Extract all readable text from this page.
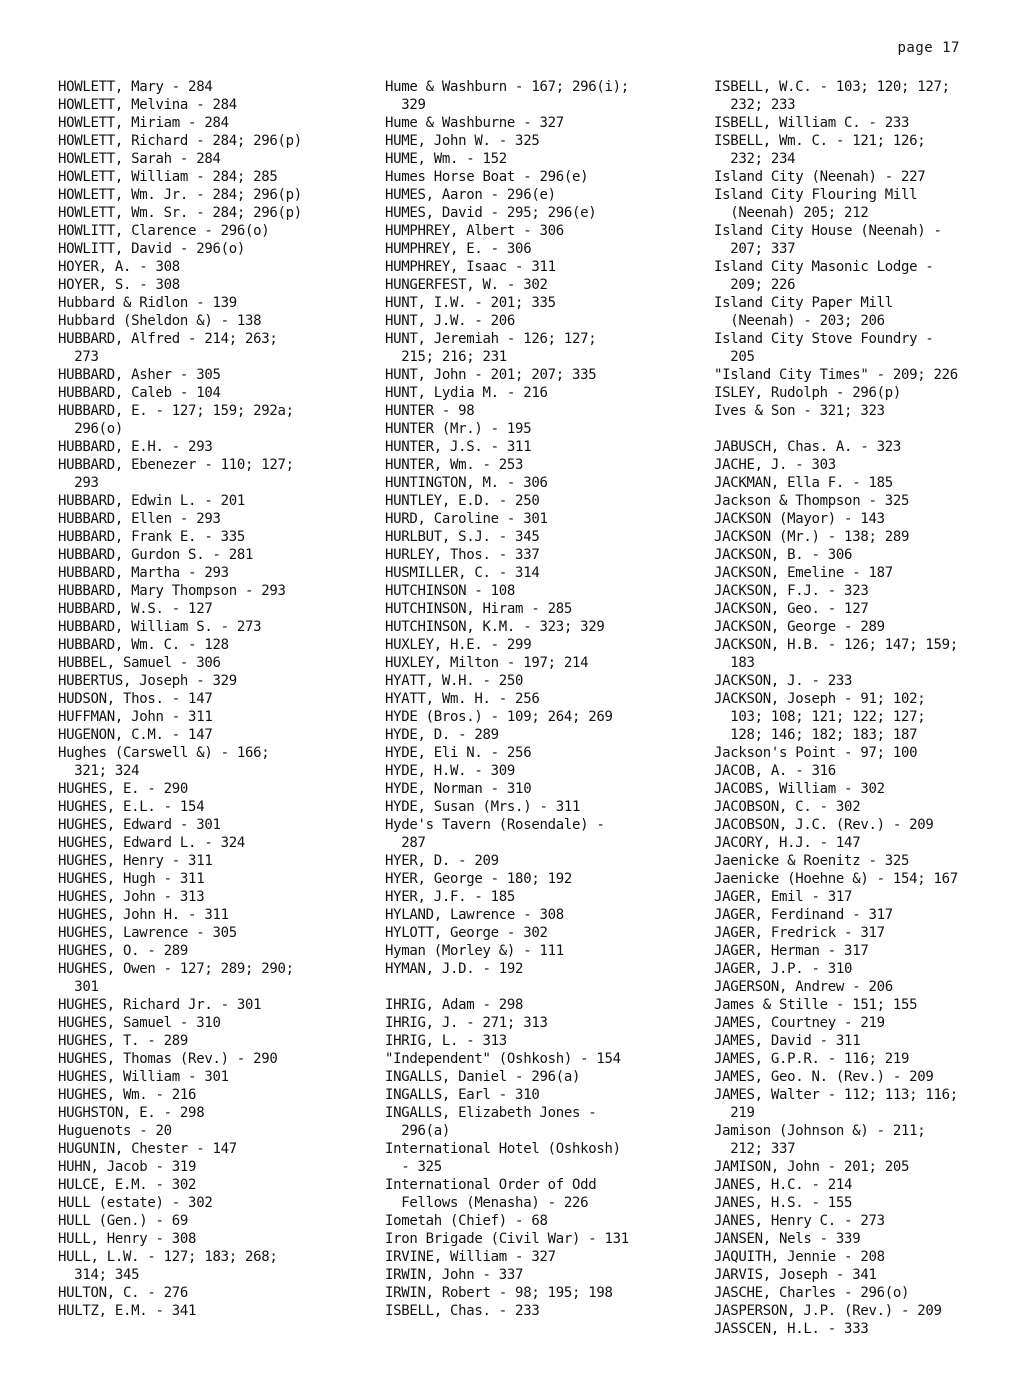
page 17
HOWLETT, Mary - 284
HOWLETT, Melvina - 284
HOWLETT, Miriam - 284
HOWLETT, Richard - 284; 296(p)
HOWLETT, Sarah - 284
HOWLETT, William - 284; 285
HOWLETT, Wm. Jr. - 284; 296(p)
HOWLETT, Wm. Sr. - 284; 296(p)
HOWLITT, Clarence - 296(o)
HOWLITT, David - 296(o)
HOYER, A. - 308
HOYER, S. - 308
Hubbard & Ridlon - 139
Hubbard (Sheldon &) - 138
HUBBARD, Alfred - 214; 263;
273
HUBBARD, Asher - 305
HUBBARD, Caleb - 104
HUBBARD, E. - 127; 159; 292a;
296(o)
HUBBARD, E.H. - 293
HUBBARD, Ebenezer - 110; 127;
293
HUBBARD, Edwin L. - 201
HUBBARD, Ellen - 293
HUBBARD, Frank E. - 335
HUBBARD, Gurdon S. - 281
HUBBARD, Martha - 293
HUBBARD, Mary Thompson - 293
HUBBARD, W.S. - 127
HUBBARD, William S. - 273
HUBBARD, Wm. C. - 128
HUBBEL, Samuel - 306
HUBERTUS, Joseph - 329
HUDSON, Thos. - 147
HUFFMAN, John - 311
HUGENON, C.M. - 147
Hughes (Carswell &) - 166;
321; 324
HUGHES, E. - 290
HUGHES, E.L. - 154
HUGHES, Edward - 301
HUGHES, Edward L. - 324
HUGHES, Henry - 311
HUGHES, Hugh - 311
HUGHES, John - 313
HUGHES, John H. - 311
HUGHES, Lawrence - 305
HUGHES, O. - 289
HUGHES, Owen - 127; 289; 290;
301
HUGHES, Richard Jr. - 301
HUGHES, Samuel - 310
HUGHES, T. - 289
HUGHES, Thomas (Rev.) - 290
HUGHES, William - 301
HUGHES, Wm. - 216
HUGHSTON, E. - 298
Huguenots - 20
HUGUNIN, Chester - 147
HUHN, Jacob - 319
HULCE, E.M. - 302
HULL (estate) - 302
HULL (Gen.) - 69
HULL, Henry - 308
HULL, L.W. - 127; 183; 268;
314; 345
HULTON, C. - 276
HULTZ, E.M. - 341
Hume & Washburn - 167; 296(i);
329
Hume & Washburne - 327
HUME, John W. - 325
HUME, Wm. - 152
Humes Horse Boat - 296(e)
HUMES, Aaron - 296(e)
HUMES, David - 295; 296(e)
HUMPHREY, Albert - 306
HUMPHREY, E. - 306
HUMPHREY, Isaac - 311
HUNGERFEST, W. - 302
HUNT, I.W. - 201; 335
HUNT, J.W. - 206
HUNT, Jeremiah - 126; 127;
215; 216; 231
HUNT, John - 201; 207; 335
HUNT, Lydia M. - 216
HUNTER - 98
HUNTER (Mr.) - 195
HUNTER, J.S. - 311
HUNTER, Wm. - 253
HUNTINGTON, M. - 306
HUNTLEY, E.D. - 250
HURD, Caroline - 301
HURLBUT, S.J. - 345
HURLEY, Thos. - 337
HUSMILLER, C. - 314
HUTCHINSON - 108
HUTCHINSON, Hiram - 285
HUTCHINSON, K.M. - 323; 329
HUXLEY, H.E. - 299
HUXLEY, Milton - 197; 214
HYATT, W.H. - 250
HYATT, Wm. H. - 256
HYDE (Bros.) - 109; 264; 269
HYDE, D. - 289
HYDE, Eli N. - 256
HYDE, H.W. - 309
HYDE, Norman - 310
HYDE, Susan (Mrs.) - 311
Hyde's Tavern (Rosendale) -
287
HYER, D. - 209
HYER, George - 180; 192
HYER, J.F. - 185
HYLAND, Lawrence - 308
HYLOTT, George - 302
Hyman (Morley &) - 111
HYMAN, J.D. - 192
IHRIG, Adam - 298
IHRIG, J. - 271; 313
IHRIG, L. - 313
"Independent" (Oshkosh) - 154
INGALLS, Daniel - 296(a)
INGALLS, Earl - 310
INGALLS, Elizabeth Jones -
296(a)
International Hotel (Oshkosh)
- 325
International Order of Odd
Fellows (Menasha) - 226
Iometah (Chief) - 68
Iron Brigade (Civil War) - 131
IRVINE, William - 327
IRWIN, John - 337
IRWIN, Robert - 98; 195; 198
ISBELL, Chas. - 233
ISBELL, W.C. - 103; 120; 127;
232; 233
ISBELL, William C. - 233
ISBELL, Wm. C. - 121; 126;
232; 234
Island City (Neenah) - 227
Island City Flouring Mill
(Neenah) 205; 212
Island City House (Neenah) -
207; 337
Island City Masonic Lodge -
209; 226
Island City Paper Mill
(Neenah) - 203; 206
Island City Stove Foundry -
205
"Island City Times" - 209; 226
ISLEY, Rudolph - 296(p)
Ives & Son - 321; 323
JABUSCH, Chas. A. - 323
JACHE, J. - 303
JACKMAN, Ella F. - 185
Jackson & Thompson - 325
JACKSON (Mayor) - 143
JACKSON (Mr.) - 138; 289
JACKSON, B. - 306
JACKSON, Emeline - 187
JACKSON, F.J. - 323
JACKSON, Geo. - 127
JACKSON, George - 289
JACKSON, H.B. - 126; 147; 159;
183
JACKSON, J. - 233
JACKSON, Joseph - 91; 102;
103; 108; 121; 122; 127;
128; 146; 182; 183; 187
Jackson's Point - 97; 100
JACOB, A. - 316
JACOBS, William - 302
JACOBSON, C. - 302
JACOBSON, J.C. (Rev.) - 209
JACORY, H.J. - 147
Jaenicke & Roenitz - 325
Jaenicke (Hoehne &) - 154; 167
JAGER, Emil - 317
JAGER, Ferdinand - 317
JAGER, Fredrick - 317
JAGER, Herman - 317
JAGER, J.P. - 310
JAGERSON, Andrew - 206
James & Stille - 151; 155
JAMES, Courtney - 219
JAMES, David - 311
JAMES, G.P.R. - 116; 219
JAMES, Geo. N. (Rev.) - 209
JAMES, Walter - 112; 113; 116;
219
Jamison (Johnson &) - 211;
212; 337
JAMISON, John - 201; 205
JANES, H.C. - 214
JANES, H.S. - 155
JANES, Henry C. - 273
JANSEN, Nels - 339
JAQUITH, Jennie - 208
JARVIS, Joseph - 341
JASCHE, Charles - 296(o)
JASPERSON, J.P. (Rev.) - 209
JASSCEN, H.L. - 333
